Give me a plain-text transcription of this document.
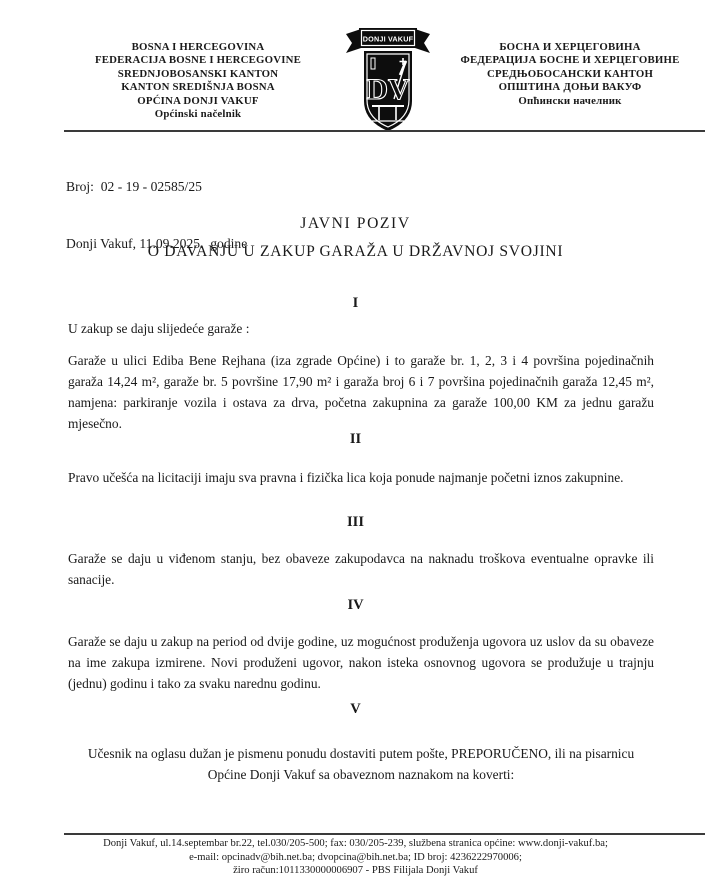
BOSNA I HERCEGOVINA
FEDERACIJA BOSNE I HERCEGOVINE
SREDNJOBOSANSKI KANTON
KANTON SREDIŠNJA BOSNA
OPĆINA DONJI VAKUF
Općinski načelnik
DONJI VAKUF
DV
БОСНА И ХЕРЦЕГОВИНА
ФЕДЕРАЦИЈА БОСНЕ И ХЕРЦЕГОВИНЕ
СРЕДЊОБОСАНСКИ КАНТОН
ОПШТИНА ДОЊИ ВАКУФ
Опћински начелник

Broj:  02 - 19 - 02585/25

Donji Vakuf, 11.09.2025.  godine

JAVNI POZIV
O DAVANJU U ZAKUP GARAŽA U DRŽAVNOJ SVOJINI
I
U zakup se daju slijedeće garaže :
Garaže u ulici Ediba Bene Rejhana (iza zgrade Općine) i to garaže br. 1, 2, 3 i 4 površina pojedinačnih garaža 14,24 m², garaže br. 5 površine 17,90 m² i garaža broj 6 i 7 površina pojedinačnih garaža 12,45 m², namjena: parkiranje vozila i ostava za drva, početna zakupnina za garaže 100,00 KM za jednu garažu mjesečno.
II
Pravo učešća na licitaciji imaju sva pravna i fizička lica koja ponude najmanje početni iznos zakupnine.
III
Garaže se daju u viđenom stanju, bez obaveze zakupodavca na naknadu troškova eventualne opravke ili sanacije.
IV
Garaže se daju u zakup na period od dvije godine, uz mogućnost produženja ugovora uz uslov da su obaveze na ime zakupa izmirene. Novi produženi ugovor, nakon isteka osnovnog ugovora se produžuje u trajnju (jednu) godinu i tako za svaku narednu godinu.
V
Učesnik na oglasu dužan je pismenu ponudu dostaviti putem pošte, PREPORUČENO, ili na pisarnicu Općine Donji Vakuf sa obaveznom naznakom na koverti:
Donji Vakuf, ul.14.septembar br.22, tel.030/205-500; fax: 030/205-239, službena stranica općine: www.donji-vakuf.ba;
e-mail: opcinadv@bih.net.ba; dvopcina@bih.net.ba; ID broj: 4236222970006;
žiro račun:1011330000006907 - PBS Filijala Donji Vakuf
